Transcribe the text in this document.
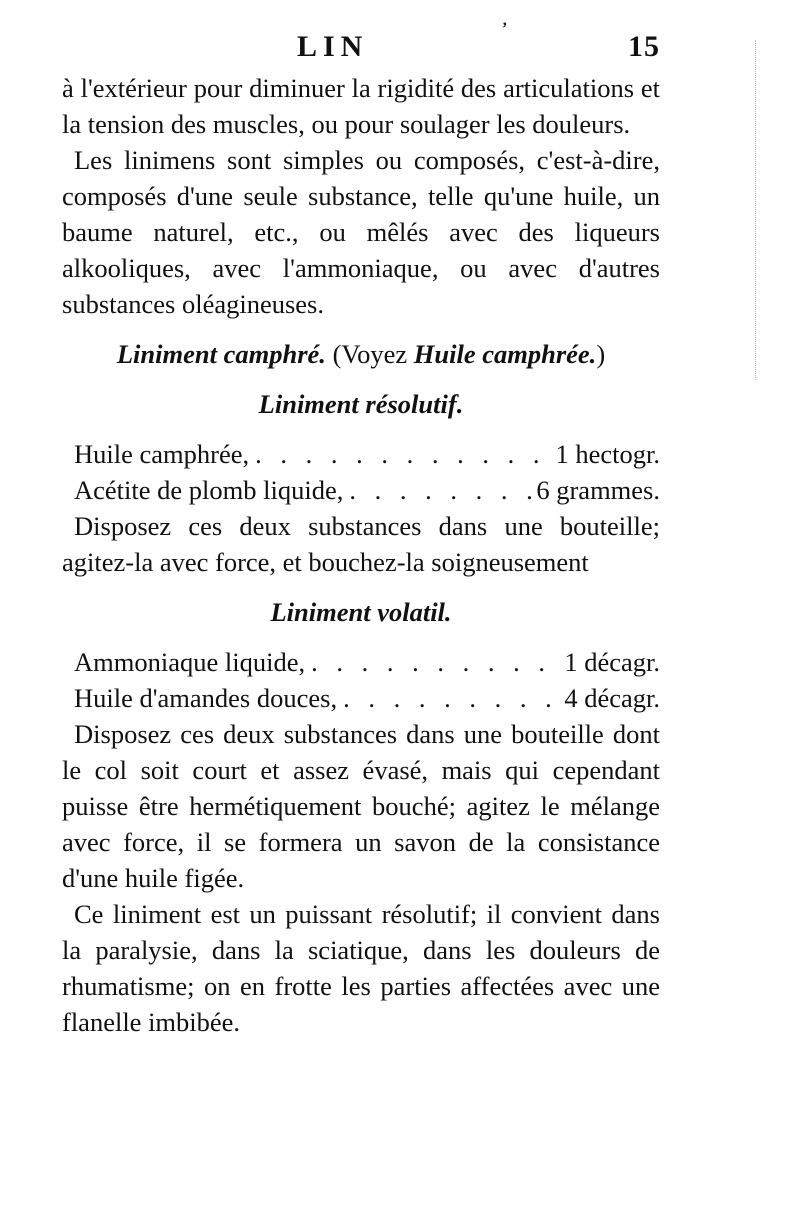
LIN
’
15

à l'extérieur pour diminuer la rigidité des articulations et la tension des muscles, ou pour soulager les douleurs.

Les linimens sont simples ou composés, c'est-à-dire, composés d'une seule substance, telle qu'une huile, un baume naturel, etc., ou mêlés avec des liqueurs alkooliques, avec l'ammoniaque, ou avec d'autres substances oléagineuses.

Liniment camphré. (Voyez Huile camphrée.)

Liniment résolutif.

Huile camphrée, . . .	1 hectogr.
Acétite de plomb liquide, . . .	6 grammes.

Disposez ces deux substances dans une bouteille; agitez-la avec force, et bouchez-la soigneusement

Liniment volatil.

Ammoniaque liquide, . . .	1 décagr.
Huile d'amandes douces, . . .	4 décagr.

Disposez ces deux substances dans une bouteille dont le col soit court et assez évasé, mais qui cependant puisse être hermétiquement bouché; agitez le mélange avec force, il se formera un savon de la consistance d'une huile figée.

Ce liniment est un puissant résolutif; il convient dans la paralysie, dans la sciatique, dans les douleurs de rhumatisme; on en frotte les parties affectées avec une flanelle imbibée.
